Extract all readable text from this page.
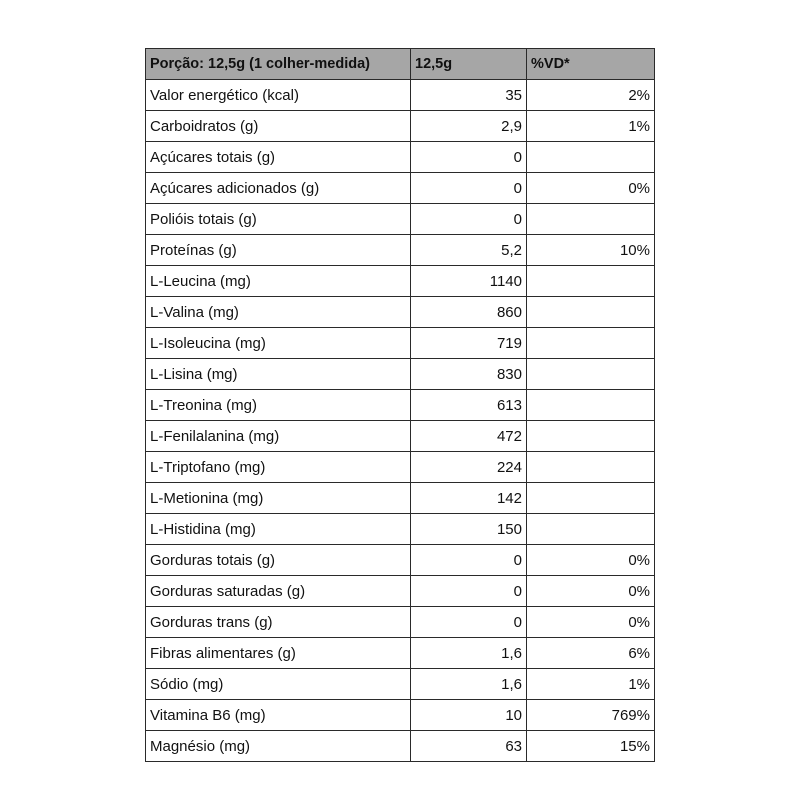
Porção: 12,5g (1 colher-medida)	12,5g	%VD*
Valor energético (kcal)	35	2%
Carboidratos (g)	2,9	1%
Açúcares totais (g)	0	
Açúcares adicionados (g)	0	0%
Polióis totais (g)	0	
Proteínas (g)	5,2	10%
L-Leucina (mg)	1140	
L-Valina (mg)	860	
L-Isoleucina (mg)	719	
L-Lisina (mg)	830	
L-Treonina (mg)	613	
L-Fenilalanina (mg)	472	
L-Triptofano (mg)	224	
L-Metionina (mg)	142	
L-Histidina (mg)	150	
Gorduras totais (g)	0	0%
Gorduras saturadas (g)	0	0%
Gorduras trans (g)	0	0%
Fibras alimentares (g)	1,6	6%
Sódio (mg)	1,6	1%
Vitamina B6 (mg)	10	769%
Magnésio (mg)	63	15%
